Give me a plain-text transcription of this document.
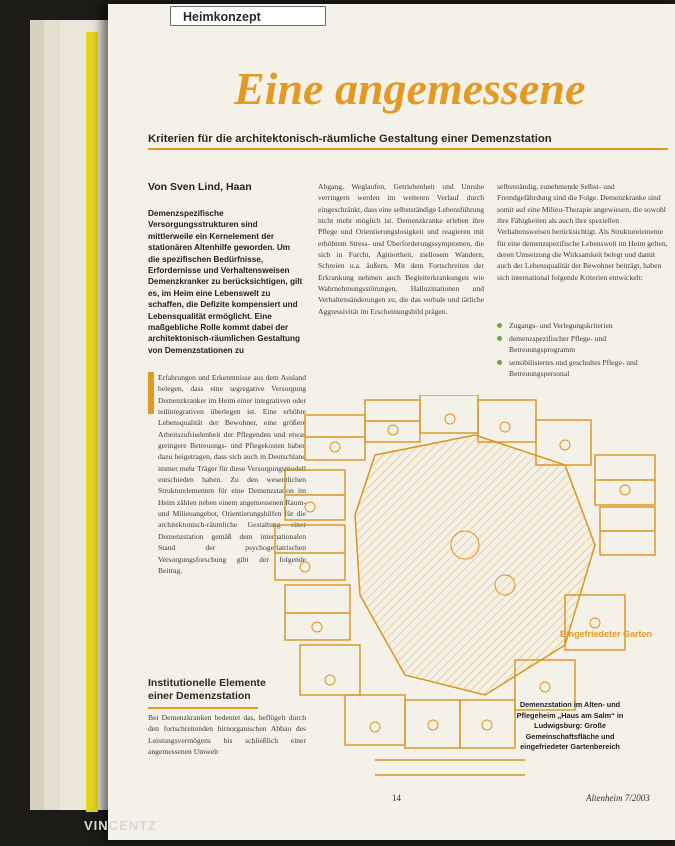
Heimkonzept
Eine angemessene
Kriterien für die architektonisch-räumliche Gestaltung einer Demenzstation
Von Sven Lind, Haan
Demenzspezifische Versorgungsstrukturen sind mittlerweile ein Kernelement der stationären Altenhilfe geworden. Um die spezifischen Bedürfnisse, Erfordernisse und Verhaltensweisen Demenzkranker zu berücksichtigen, gilt es, im Heim eine Lebenswelt zu schaffen, die Defizite kompensiert und Lebensqualität ermöglicht. Eine maßgebliche Rolle kommt dabei der architektonisch-räumlichen Gestaltung von Demenzstationen zu
Erfahrungen und Erkenntnisse aus dem Ausland belegen, dass eine segregative Versorgung Demenzkranker im Heim einer integrativen oder teilintegrativen überlegen ist. Eine erhöhte Lebensqualität der Bewohner, eine größere Arbeitszufriedenheit der Pflegenden und etwas geringere Betreuungs- und Pflegekosten haben dazu beigetragen, dass sich auch in Deutschland immer mehr Träger für diese Versorgungsmodell entschieden haben. Zu den wesentlichen Strukturelementen für eine Demenzstation im Heim zählen neben einem angemessenen Raum- und Milieuangebot, Orientierungshilfen für die architektonisch-räumliche Gestaltung einer Demenzstation gemäß dem internationalen Stand der psychogeriatrischen Versorgungsforschung gibt der folgende Beitrag.
Abgang, Weglaufen, Getriebenheit und Unruhe verringern werden im weiteren Verlauf durch eingeschränkt, dass eine selbstständige Lebensführung nicht mehr möglich ist. Demenzkranke erleben ihre Pflege und Orientierungslosigkeit und reagieren mit erhöhtem Stress- und Überforderungssymptomen, die sich in Furcht, Agitiertheit, ziellosem Wandern, Schreien u.a. äußern. Mit dem Fortschreiten der Erkrankung nehmen auch Begleiterkrankungen wie Wahrnehmungsstörungen, Halluzinationen und Verhaltensänderungen zu, die das verbale und tätliche Aggressivität im Erscheinungsbild prägen.
selbstständig, zunehmende Selbst- und Fremdgefährdung sind die Folge. Demenzkranke sind somit auf eine Milieu-Therapie angewiesen, die sowohl ihre Fähigkeiten als auch ihre speziellen Verhaltensweisen berücksichtigt. Als Strukturelemente für eine demenzspezifische Lebenswelt im Heim gelten, deren Umsetzung die Wirksamkeit belegt und damit auch der Lebensqualität der Bewohner beiträgt, haben sich international folgende Kriterien entwickelt:
Zugangs- und Verlegungskriterien
demenzspezifischer Pflege- und Betreuungsprogramm
sensibilisiertes und geschultes Pflege- und Betreuungspersonal
Institutionelle Elemente einer Demenzstation
Bei Demenzkranken bedeutet das, beflügelt durch den fortschreitenden hirnorganischen Abbau des Leistungsvermögens bis schließlich einer angemessenen Umwelt
Eingefriedeter Garten
Demenzstation im Alten- und Pflegeheim „Haus am Salm“ in Ludwigsburg: Große Gemeinschaftsfläche und eingefriedeter Gartenbereich
14	Altenheim 7/2003
VINCENTZ
